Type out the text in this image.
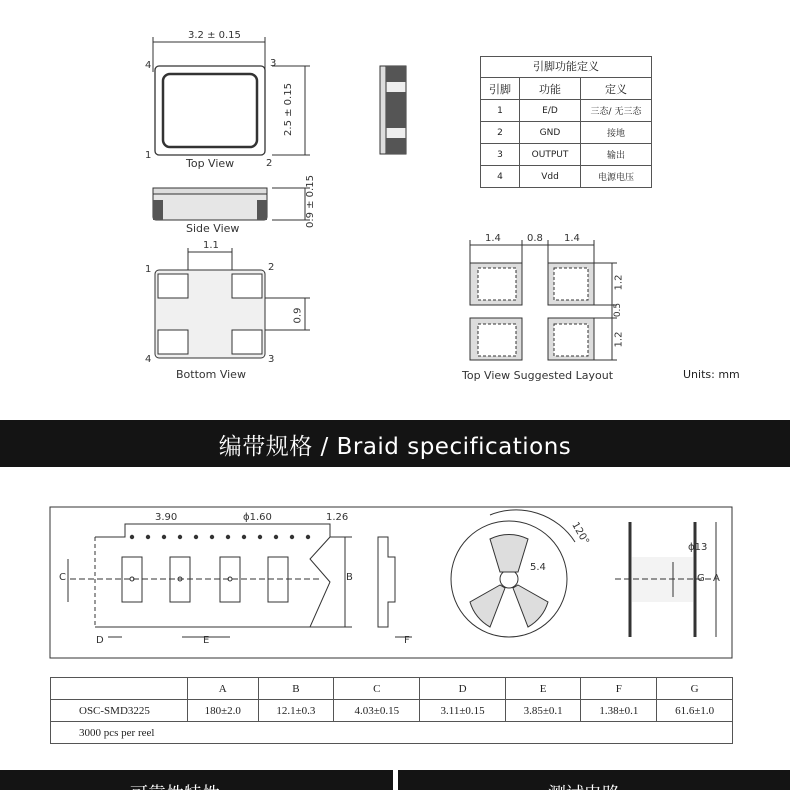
3.2 ± 0.15
2.5 ± 0.15
0.9 ± 0.15
4	3
1
2
Top View
Side View
1.1
0.9
1	2
4	3
Bottom View
1.4	0.8 1.4
1.2
0.5
1.2
Top View Suggested Layout	Units: mm
引脚功能定义
引脚	功能	定义
1	E/D	三态/ 无三态
2	GND	接地
3	OUTPUT	输出
4	Vdd	电源电压
编带规格 / Braid specifications
3.90	ϕ1.60	1.26
C	B
D	E	F
5.4
120°
ϕ13
G A
	A	B	C	D	E	F	G
OSC-SMD3225	180±2.0	12.1±0.3	4.03±0.15	3.11±0.15	3.85±0.1	1.38±0.1	61.6±1.0
3000 pcs per reel							
可靠性特性	测试电路
